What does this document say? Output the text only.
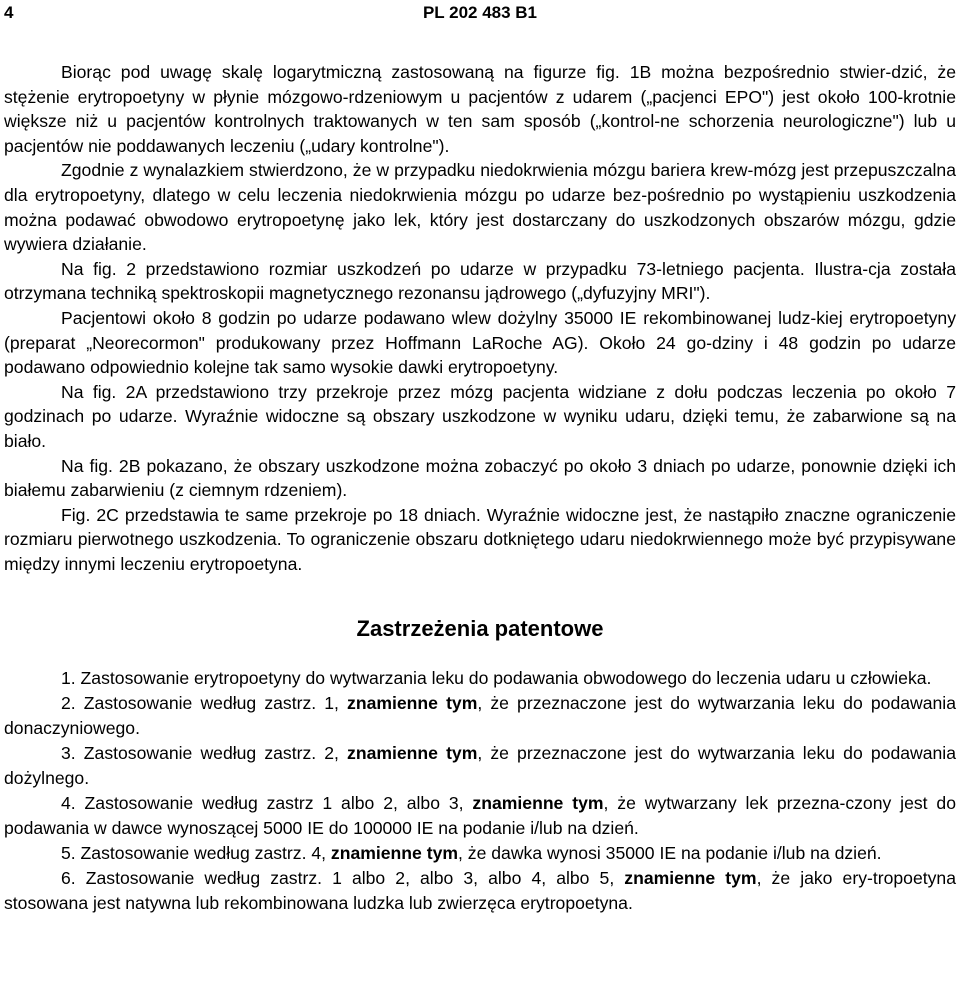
4	PL 202 483 B1

Biorąc pod uwagę skalę logarytmiczną zastosowaną na figurze fig. 1B można bezpośrednio stwier-dzić, że stężenie erytropoetyny w płynie mózgowo-rdzeniowym u pacjentów z udarem („pacjenci EPO") jest około 100-krotnie większe niż u pacjentów kontrolnych traktowanych w ten sam sposób („kontrol-ne schorzenia neurologiczne") lub u pacjentów nie poddawanych leczeniu („udary kontrolne").

Zgodnie z wynalazkiem stwierdzono, że w przypadku niedokrwienia mózgu bariera krew-mózg jest przepuszczalna dla erytropoetyny, dlatego w celu leczenia niedokrwienia mózgu po udarze bez-pośrednio po wystąpieniu uszkodzenia można podawać obwodowo erytropoetynę jako lek, który jest dostarczany do uszkodzonych obszarów mózgu, gdzie wywiera działanie.

Na fig. 2 przedstawiono rozmiar uszkodzeń po udarze w przypadku 73-letniego pacjenta. Ilustra-cja została otrzymana techniką spektroskopii magnetycznego rezonansu jądrowego („dyfuzyjny MRI").

Pacjentowi około 8 godzin po udarze podawano wlew dożylny 35000 IE rekombinowanej ludz-kiej erytropoetyny (preparat „Neorecormon" produkowany przez Hoffmann LaRoche AG). Około 24 go-dziny i 48 godzin po udarze podawano odpowiednio kolejne tak samo wysokie dawki erytropoetyny.

Na fig. 2A przedstawiono trzy przekroje przez mózg pacjenta widziane z dołu podczas leczenia po około 7 godzinach po udarze. Wyraźnie widoczne są obszary uszkodzone w wyniku udaru, dzięki temu, że zabarwione są na biało.

Na fig. 2B pokazano, że obszary uszkodzone można zobaczyć po około 3 dniach po udarze, ponownie dzięki ich białemu zabarwieniu (z ciemnym rdzeniem).

Fig. 2C przedstawia te same przekroje po 18 dniach. Wyraźnie widoczne jest, że nastąpiło znaczne ograniczenie rozmiaru pierwotnego uszkodzenia. To ograniczenie obszaru dotkniętego udaru niedokrwiennego może być przypisywane między innymi leczeniu erytropoetyna.

Zastrzeżenia patentowe

1. Zastosowanie erytropoetyny do wytwarzania leku do podawania obwodowego do leczenia udaru u człowieka.

2. Zastosowanie według zastrz. 1, znamienne tym, że przeznaczone jest do wytwarzania leku do podawania donaczyniowego.

3. Zastosowanie według zastrz. 2, znamienne tym, że przeznaczone jest do wytwarzania leku do podawania dożylnego.

4. Zastosowanie według zastrz 1 albo 2, albo 3, znamienne tym, że wytwarzany lek przezna-czony jest do podawania w dawce wynoszącej 5000 IE do 100000 IE na podanie i/lub na dzień.

5. Zastosowanie według zastrz. 4, znamienne tym, że dawka wynosi 35000 IE na podanie i/lub na dzień.

6. Zastosowanie według zastrz. 1 albo 2, albo 3, albo 4, albo 5, znamienne tym, że jako ery-tropoetyna stosowana jest natywna lub rekombinowana ludzka lub zwierzęca erytropoetyna.
